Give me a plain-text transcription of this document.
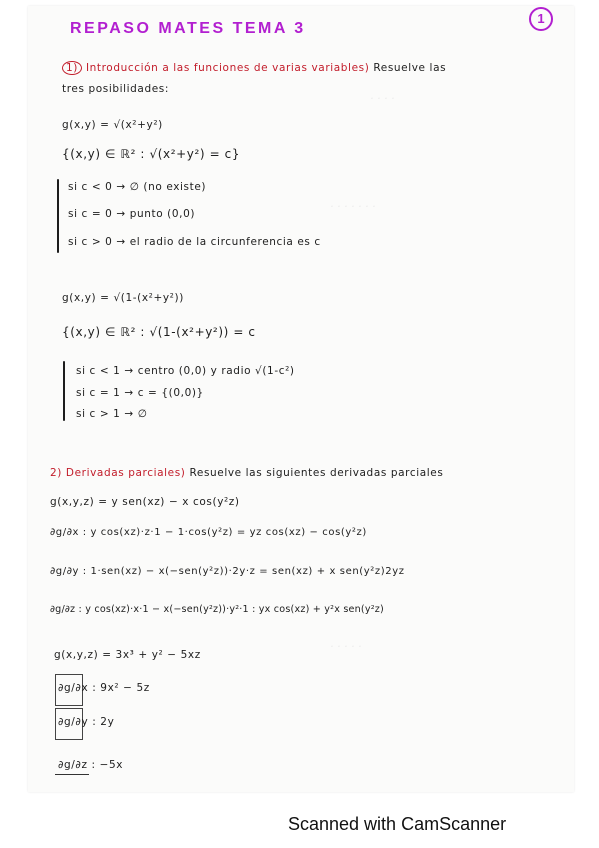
· · · ·
· · · · · · ·
· · · · ·
REPASO MATES TEMA 3
1
1) Introducción a las funciones de varias variables) Resuelve las
tres posibilidades:
g(x,y) = √(x²+y²)
{(x,y) ∈ ℝ² : √(x²+y²) = c}
si c < 0 → ∅ (no existe)
si c = 0 → punto (0,0)
si c > 0 → el radio de la circunferencia es c
g(x,y) = √(1-(x²+y²))
{(x,y) ∈ ℝ² : √(1-(x²+y²)) = c
si c < 1 → centro (0,0) y radio √(1-c²)
si c = 1 → c = {(0,0)}
si c > 1 → ∅
2) Derivadas parciales) Resuelve las siguientes derivadas parciales
g(x,y,z) = y sen(xz) − x cos(y²z)
∂g/∂x : y cos(xz)·z·1 − 1·cos(y²z) = yz cos(xz) − cos(y²z)
∂g/∂y : 1·sen(xz) − x(−sen(y²z))·2y·z = sen(xz) + x sen(y²z)2yz
∂g/∂z : y cos(xz)·x·1 − x(−sen(y²z))·y²·1 : yx cos(xz) + y²x sen(y²z)
g(x,y,z) = 3x³ + y² − 5xz
∂g/∂x : 9x² − 5z
∂g/∂y : 2y
∂g/∂z : −5x
Scanned with CamScanner
